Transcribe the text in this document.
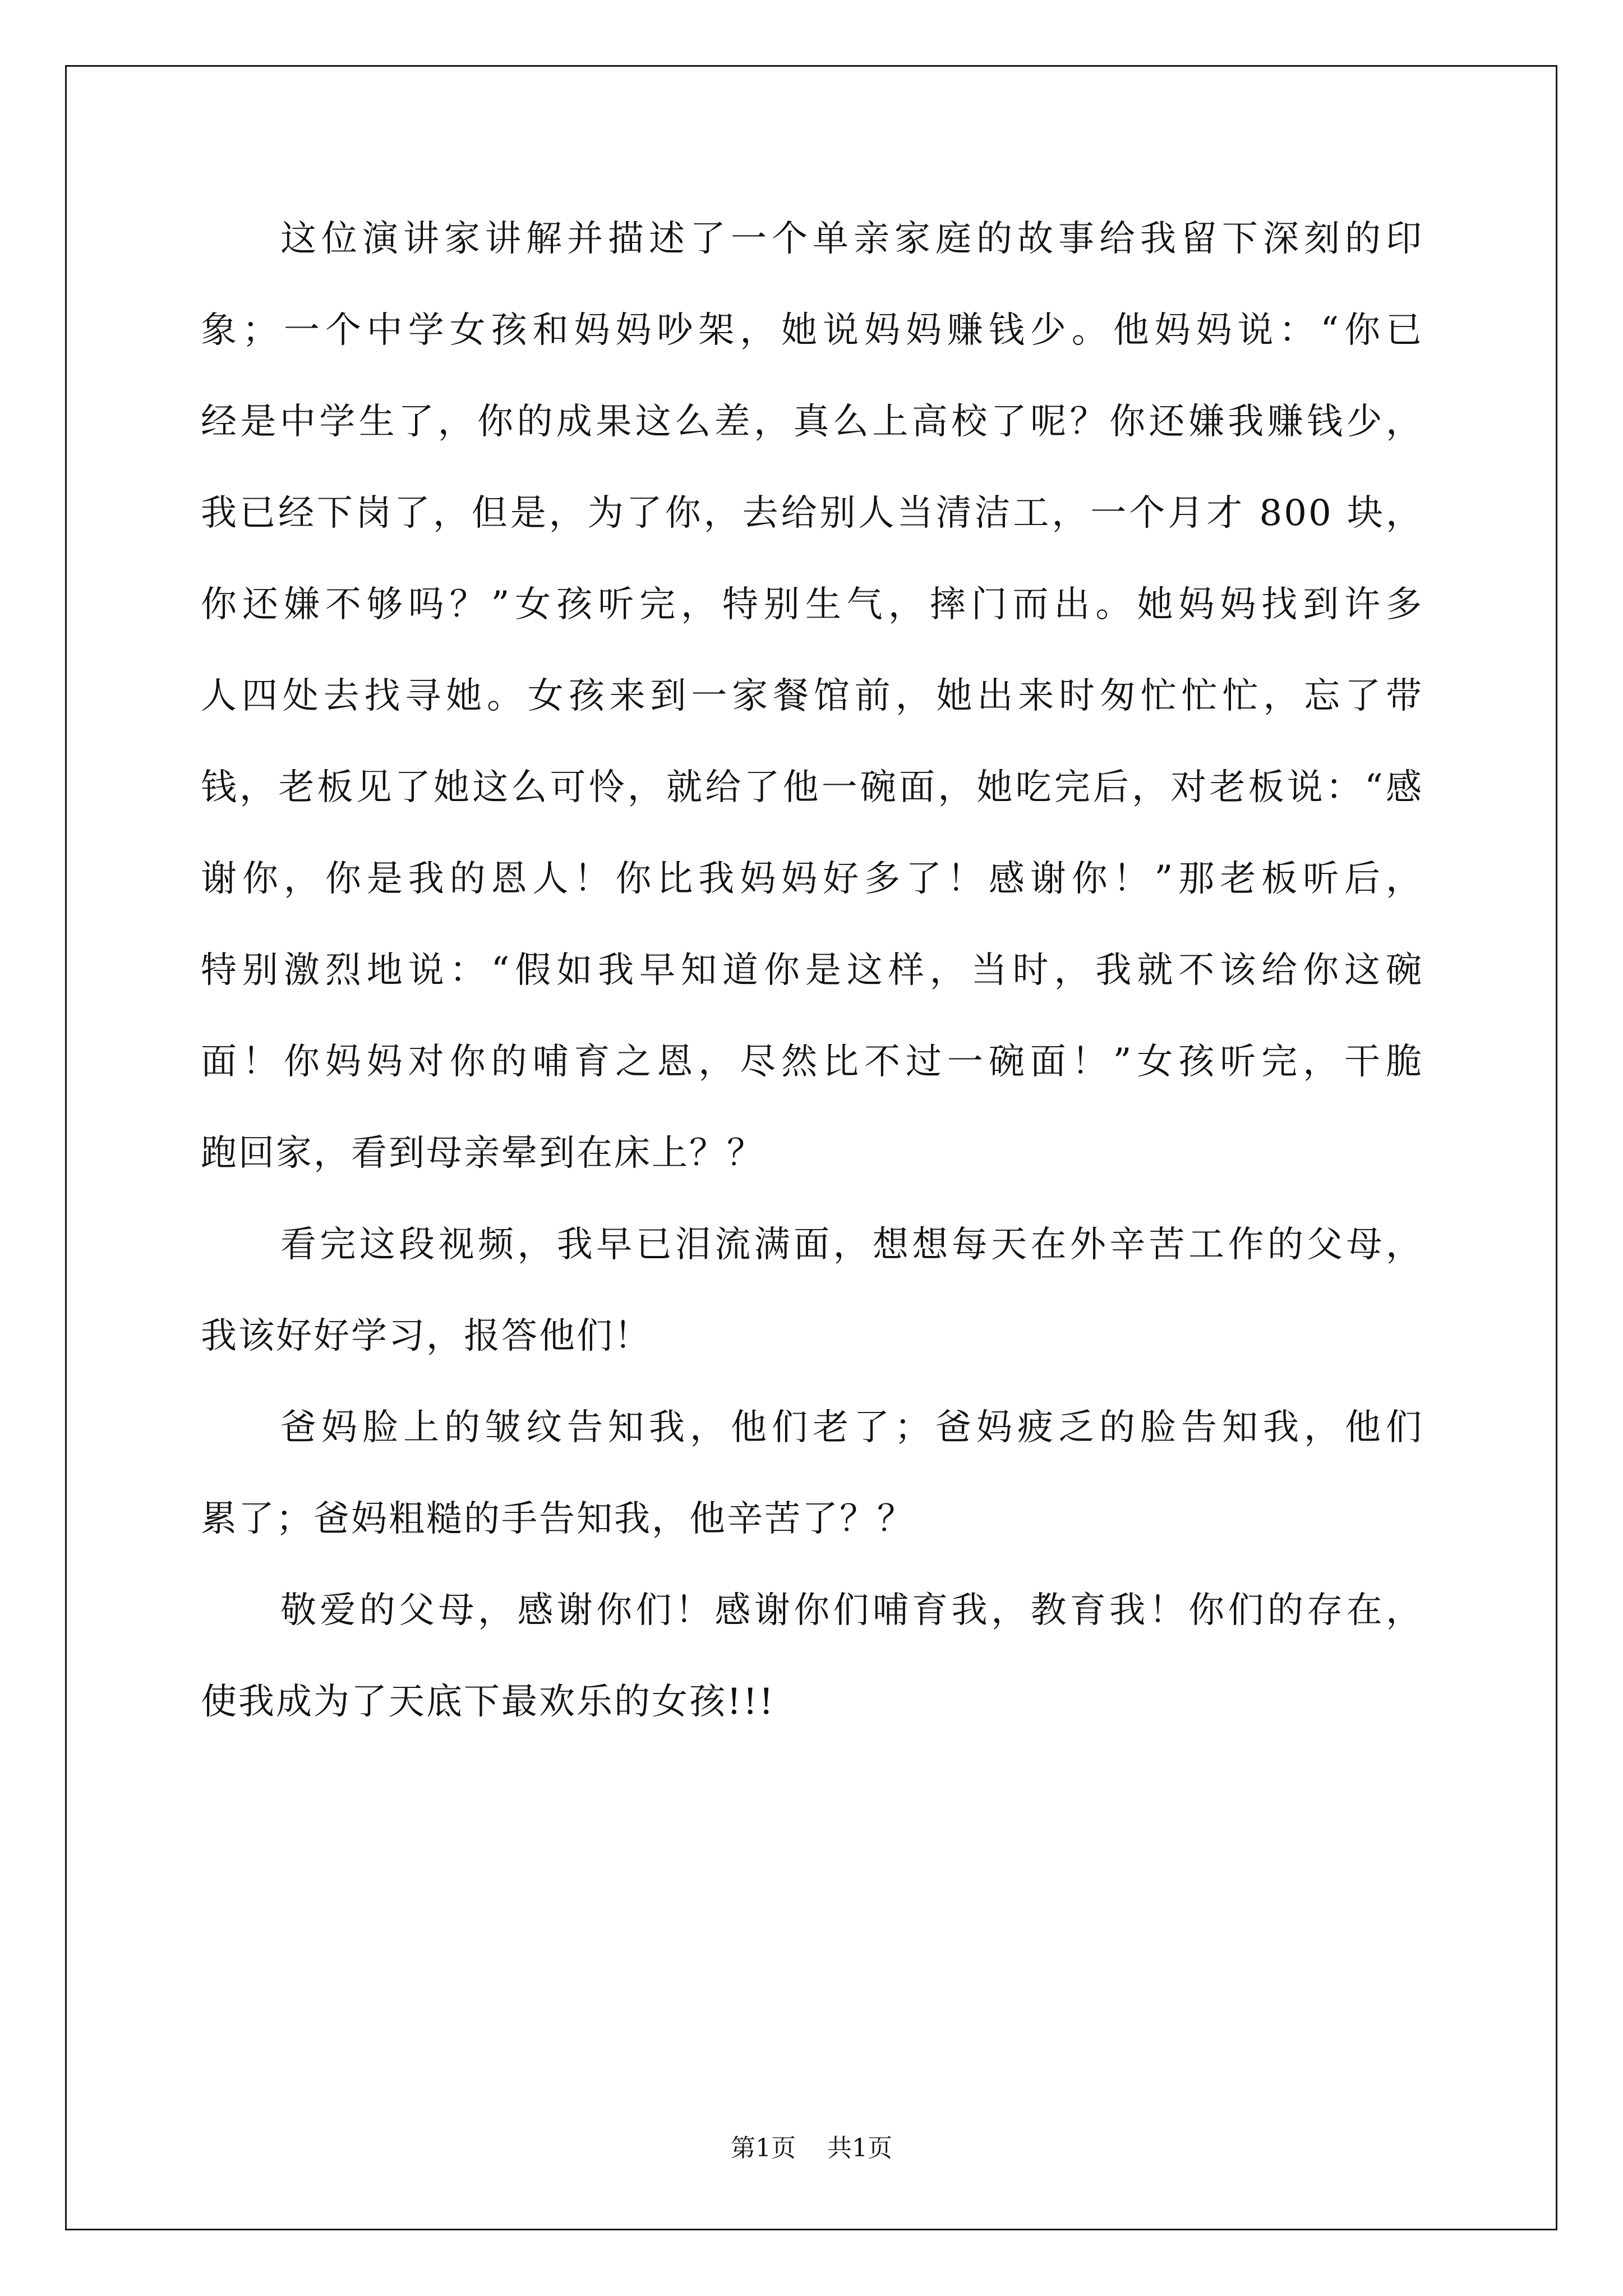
这位演讲家讲解并描述了一个单亲家庭的故事给我留下深刻的印
象；一个中学女孩和妈妈吵架，她说妈妈赚钱少。他妈妈说：“你已
经是中学生了，你的成果这么差，真么上高校了呢？你还嫌我赚钱少，
我已经下岗了，但是，为了你，去给别人当清洁工，一个月才 800 块，
你还嫌不够吗？”女孩听完，特别生气，摔门而出。她妈妈找到许多
人四处去找寻她。女孩来到一家餐馆前，她出来时匆忙忙忙，忘了带
钱，老板见了她这么可怜，就给了他一碗面，她吃完后，对老板说：“感
谢你，你是我的恩人！你比我妈妈好多了！感谢你！”那老板听后，
特别激烈地说：“假如我早知道你是这样，当时，我就不该给你这碗
面！你妈妈对你的哺育之恩，尽然比不过一碗面！”女孩听完，干脆
跑回家，看到母亲晕到在床上？？
看完这段视频，我早已泪流满面，想想每天在外辛苦工作的父母，
我该好好学习，报答他们！
爸妈脸上的皱纹告知我，他们老了；爸妈疲乏的脸告知我，他们
累了；爸妈粗糙的手告知我，他辛苦了？？
敬爱的父母，感谢你们！感谢你们哺育我，教育我！你们的存在，
使我成为了天底下最欢乐的女孩!!!
第1页    共1页
